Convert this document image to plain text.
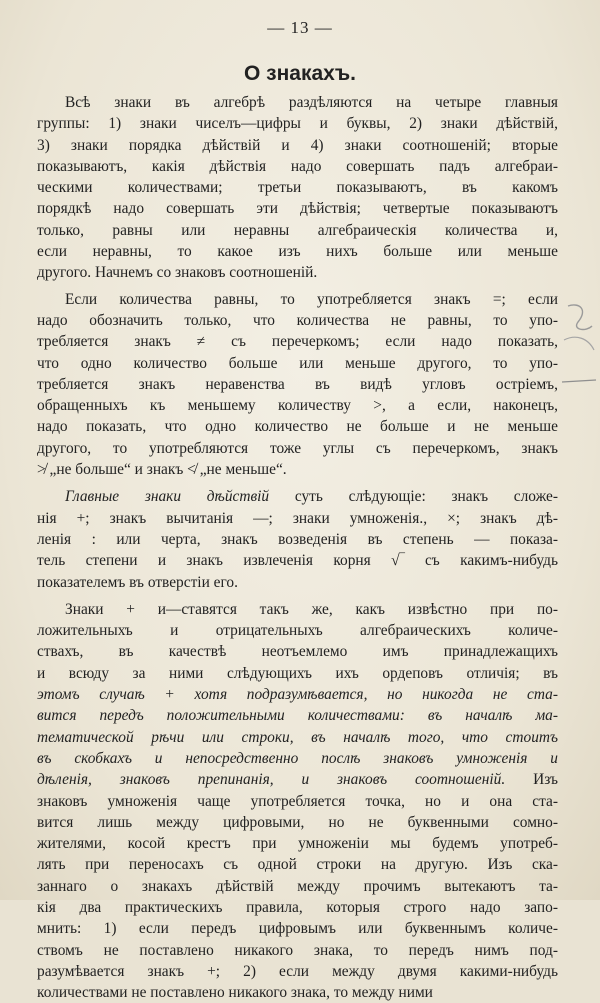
— 13 —
О знакахъ.
Всѣ знаки въ алгебрѣ раздѣляются на четыре главныя
группы: 1) знаки чиселъ—цифры и буквы, 2) знаки дѣйствій,
3) знаки порядка дѣйствій и 4) знаки соотношеній; вторые
показываютъ, какія дѣйствія надо совершать падъ алгебраи-
ческими количествами; третьи показываютъ, въ какомъ
порядкѣ надо совершать эти дѣйствія; четвертые показываютъ
только, равны или неравны алгебраическія количества и,
если неравны, то какое изъ нихъ больше или меньше
другого. Начнемъ со знаковъ соотношеній.
Если количества равны, то употребляется знакъ =; если
надо обозначить только, что количества не равны, то упо-
требляется знакъ ≠ съ перечеркомъ; если надо показать,
что одно количество больше или меньше другого, то упо-
требляется знакъ неравенства въ видѣ угловъ остріемъ,
обращенныхъ къ меньшему количеству >, а если, наконецъ,
надо показать, что одно количество не больше и не меньше
другого, то употребляются тоже углы съ перечеркомъ, знакъ
≯ „не больше“ и знакъ ≮ „не меньше“.
Главные знаки дѣйствій суть слѣдующіе: знакъ сложе-
нія +; знакъ вычитанія —; знаки умноженія., ×; знакъ дѣ-
ленія : или черта, знакъ возведенія въ степень — показа-
тель степени и знакъ извлеченія корня √‾ съ какимъ-нибудь
показателемъ въ отверстіи его.
Знаки + и—ставятся такъ же, какъ извѣстно при по-
ложительныхъ и отрицательныхъ алгебраическихъ количе-
ствахъ, въ качествѣ неотъемлемо имъ принадлежащихъ
и всюду за ними слѣдующихъ ихъ ордеповъ отличія; въ
этомъ случаѣ + хотя подразумѣвается, но никогда не ста-
вится передъ положительными количествами: въ началѣ ма-
тематической рѣчи или строки, въ началѣ того, что стоитъ
въ скобкахъ и непосредственно послѣ знаковъ умноженія и
дѣленія, знаковъ препинанія, и знаковъ соотношеній. Изъ
знаковъ умноженія чаще употребляется точка, но и она ста-
вится лишь между цифровыми, но не буквенными сомно-
жителями, косой крестъ при умноженіи мы будемъ употреб-
лять при переносахъ съ одной строки на другую. Изъ ска-
заннаго о знакахъ дѣйствій между прочимъ вытекаютъ та-
кія два практическихъ правила, которыя строго надо запо-
мнить: 1) если передъ цифровымъ или буквеннымъ количе-
ствомъ не поставлено никакого знака, то передъ нимъ под-
разумѣвается знакъ +; 2) если между двумя какими-нибудь
количествами не поставлено никакого знака, то между ними
